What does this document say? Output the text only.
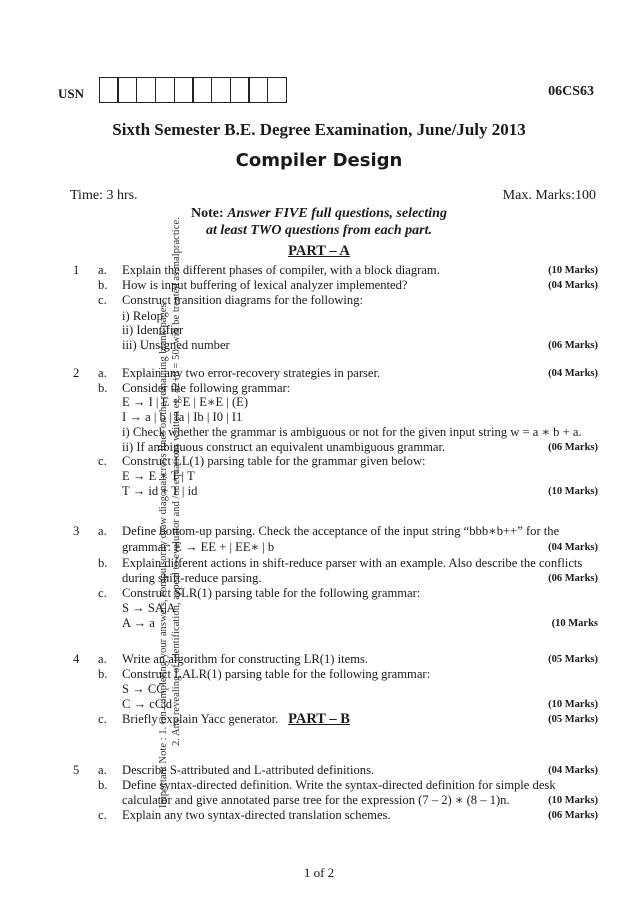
Important Note : 1. On completing your answers, compulsorily draw diagonal cross lines on the remaining blank pages. 2. Any revealing of identification, appeal to evaluator and /or equations written eg, 42+8 = 50, will be treated as malpractice.
USN	06CS63
Sixth Semester B.E. Degree Examination, June/July 2013
Compiler Design
Time: 3 hrs.	Max. Marks:100
Note: Answer FIVE full questions, selecting
at least TWO questions from each part.
PART – A
PART – B
1 a. Explain the different phases of compiler, with a block diagram.	(10 Marks)
b. How is input buffering of lexical analyzer implemented?	(04 Marks)
c. Construct transition diagrams for the following:
i) Relop
ii) Identifier
iii) Unsigned number	(06 Marks)
2 a. Explain any two error-recovery strategies in parser.	(04 Marks)
b. Consider the following grammar:
E → I | E + E | E∗E | (E)
I → a | b | Ia | Ib | I0 | I1
i) Check whether the grammar is ambiguous or not for the given input string w = a ∗ b + a.
ii) If ambiguous construct an equivalent unambiguous grammar.	(06 Marks)
c. Construct LL(1) parsing table for the grammar given below:
E → E ∗ T | T
T → id + T | id	(10 Marks)
3 a. Define bottom-up parsing. Check the acceptance of the input string “bbb∗b++” for the
grammar: E → EE + | EE∗ | b	(04 Marks)
b. Explain different actions in shift-reduce parser with an example. Also describe the conflicts
during shift-reduce parsing.	(06 Marks)
c. Construct SLR(1) parsing table for the following grammar:
S → SA|A
A → a	(10 Marks
4 a. Write an algorithm for constructing LR(1) items.	(05 Marks)
b. Construct LALR(1) parsing table for the following grammar:
S → CC
C → cC|d	(10 Marks)
c. Briefly explain Yacc generator.	(05 Marks)
5 a. Describe S-attributed and L-attributed definitions.	(04 Marks)
b. Define syntax-directed definition. Write the syntax-directed definition for simple desk
calculator and give annotated parse tree for the expression (7 – 2) ∗ (8 – 1)n.	(10 Marks)
c. Explain any two syntax-directed translation schemes.	(06 Marks)
1 of 2
